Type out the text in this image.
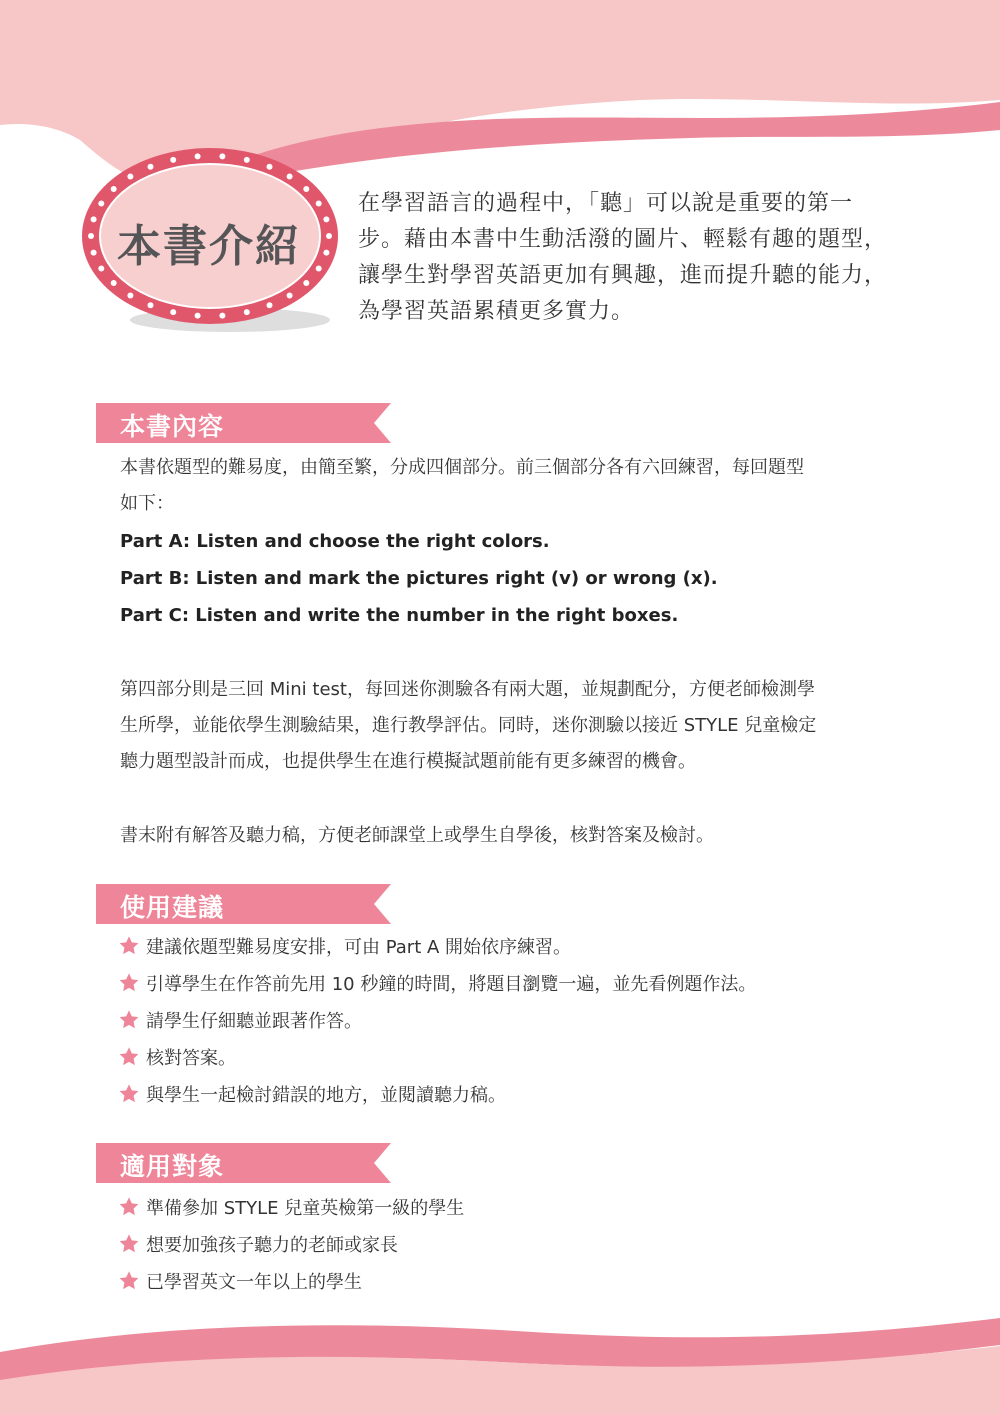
本書介紹
在學習語言的過程中，「聽」可以說是重要的第一
步。藉由本書中生動活潑的圖片、輕鬆有趣的題型，
讓學生對學習英語更加有興趣，進而提升聽的能力，
為學習英語累積更多實力。
本書內容
本書依題型的難易度，由簡至繁，分成四個部分。前三個部分各有六回練習，每回題型
如下：
Part A: Listen and choose the right colors.
Part B: Listen and mark the pictures right (v) or wrong (x).
Part C: Listen and write the number in the right boxes.
第四部分則是三回 Mini test，每回迷你測驗各有兩大題，並規劃配分，方便老師檢測學
生所學，並能依學生測驗結果，進行教學評估。同時，迷你測驗以接近 STYLE 兒童檢定
聽力題型設計而成，也提供學生在進行模擬試題前能有更多練習的機會。
書末附有解答及聽力稿，方便老師課堂上或學生自學後，核對答案及檢討。
使用建議
建議依題型難易度安排，可由 Part A 開始依序練習。
引導學生在作答前先用 10 秒鐘的時間，將題目瀏覽一遍，並先看例題作法。
請學生仔細聽並跟著作答。
核對答案。
與學生一起檢討錯誤的地方，並閱讀聽力稿。
適用對象
準備參加 STYLE 兒童英檢第一級的學生
想要加強孩子聽力的老師或家長
已學習英文一年以上的學生
